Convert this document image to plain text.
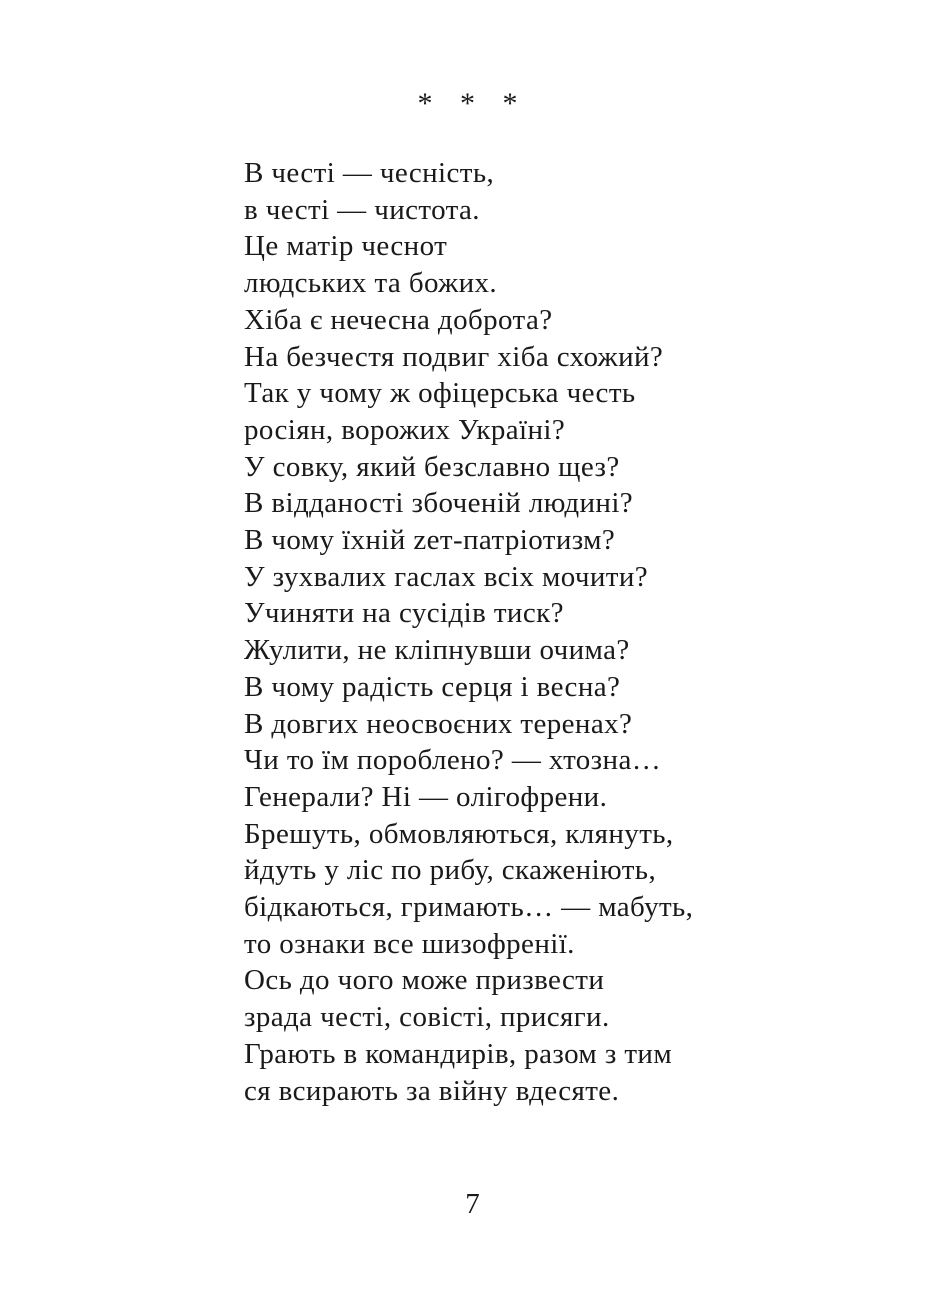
* * *
В честі — чесність,
в честі — чистота.
Це матір чеснот
людських та божих.
Хіба є нечесна доброта?
На безчестя подвиг хіба схожий?
Так у чому ж офіцерська честь
росіян, ворожих Україні?
У совку, який безславно щез?
В відданості збоченій людині?
В чому їхній zет-патріотизм?
У зухвалих гаслах всіх мочити?
Учиняти на сусідів тиск?
Жулити, не кліпнувши очима?
В чому радість серця і весна?
В довгих неосвоєних теренах?
Чи то їм пороблено? — хтозна…
Генерали? Ні — олігофрени.
Брешуть, обмовляються, клянуть,
йдуть у ліс по рибу, скаженіють,
бідкаються, гримають… — мабуть,
то ознаки все шизофренії.
Ось до чого може призвести
зрада честі, совісті, присяги.
Грають в командирів, разом з тим
ся всирають за війну вдесяте.
7
